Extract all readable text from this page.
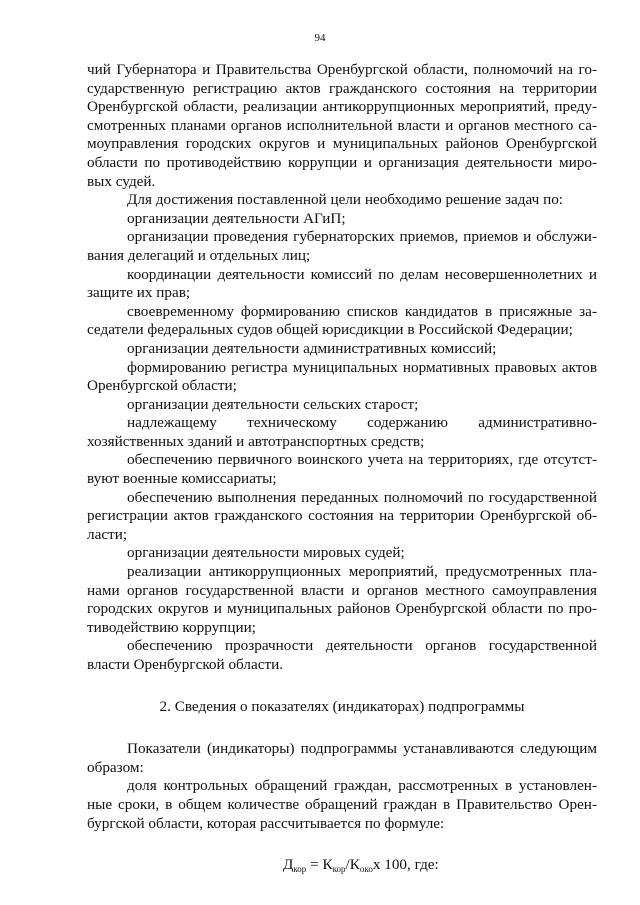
94

чий Губернатора и Правительства Оренбургской области, полномочий на государственную регистрацию актов гражданского состояния на территории Оренбургской области, реализации антикоррупционных мероприятий, предусмотренных планами органов исполнительной власти и органов местного самоуправления городских округов и муниципальных районов Оренбургской области по противодействию коррупции и организация деятельности мировых судей.

Для достижения поставленной цели необходимо решение задач по:

организации деятельности АГиП;
организации проведения губернаторских приемов, приемов и обслуживания делегаций и отдельных лиц;
координации деятельности комиссий по делам несовершеннолетних и защите их прав;
своевременному формированию списков кандидатов в присяжные заседатели федеральных судов общей юрисдикции в Российской Федерации;
организации деятельности административных комиссий;
формированию регистра муниципальных нормативных правовых актов Оренбургской области;
организации деятельности сельских старост;
надлежащему техническому содержанию административнохозяйственных зданий и автотранспортных средств;
обеспечению первичного воинского учета на территориях, где отсутствуют военные комиссариаты;
обеспечению выполнения переданных полномочий по государственной регистрации актов гражданского состояния на территории Оренбургской области;
организации деятельности мировых судей;
реализации антикоррупционных мероприятий, предусмотренных планами органов государственной власти и органов местного самоуправления городских округов и муниципальных районов Оренбургской области по противодействию коррупции;
обеспечению прозрачности деятельности органов государственной власти Оренбургской области.
2. Сведения о показателях (индикаторах) подпрограммы

Показатели (индикаторы) подпрограммы устанавливаются следующим образом:

доля контрольных обращений граждан, рассмотренных в установленные сроки, в общем количестве обращений граждан в Правительство Оренбургской области, которая рассчитывается по формуле:

$Д_{кор} = К_{кор}/К_{око}х$ 100, где:
